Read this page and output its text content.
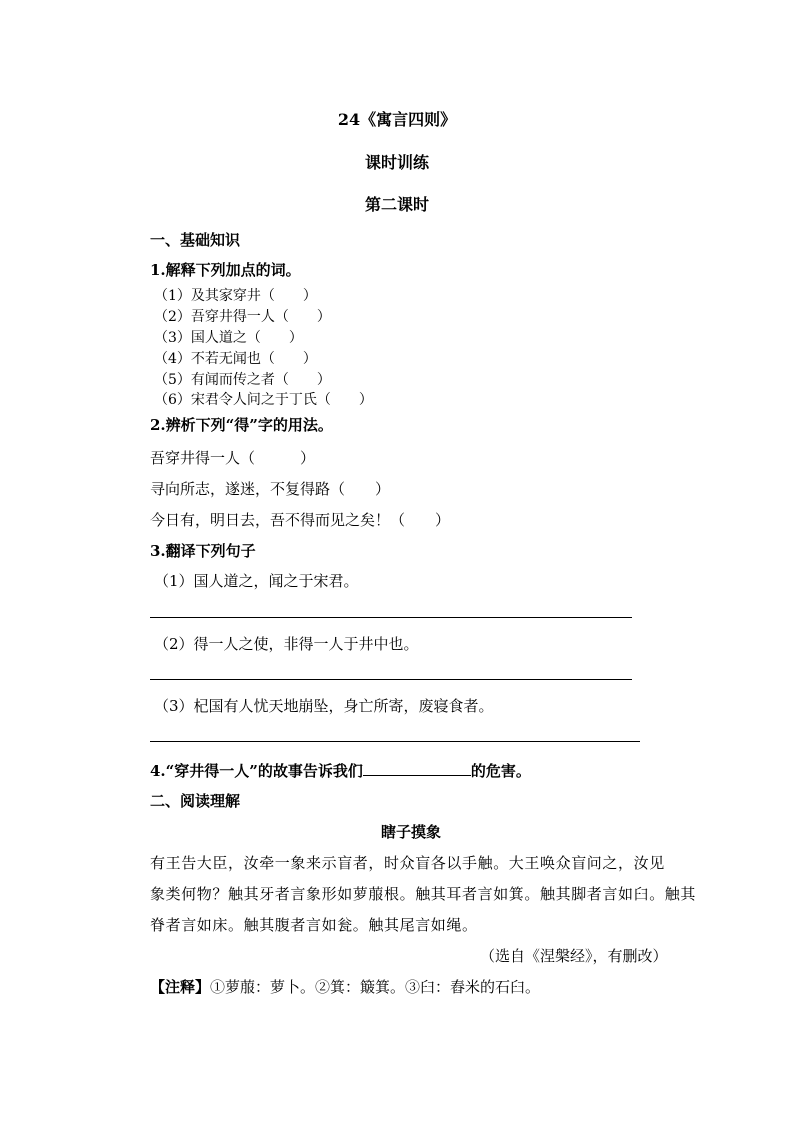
24《寓言四则》
课时训练
第二课时
一、基础知识
1.解释下列加点的词。
（1）及其家穿井（　　）
（2）吾穿井得一人（　　）
（3）国人道之（　　）
（4）不若无闻也（　　）
（5）有闻而传之者（　　）
（6）宋君令人问之于丁氏（　　）
2.辨析下列“得”字的用法。
吾穿井得一人（　　　）
寻向所志，遂迷，不复得路（　　）
今日有，明日去，吾不得而见之矣！（　　）
3.翻译下列句子
（1）国人道之，闻之于宋君。
（2）得一人之使，非得一人于井中也。
（3）杞国有人忧天地崩坠，身亡所寄，废寝食者。
4.“穿井得一人”的故事告诉我们	的危害。
二、阅读理解
瞎子摸象
有王告大臣，汝牵一象来示盲者，时众盲各以手触。大王唤众盲问之，汝见
象类何物？触其牙者言象形如萝菔根。触其耳者言如箕。触其脚者言如臼。触其
脊者言如床。触其腹者言如瓮。触其尾言如绳。
（选自《涅槃经》，有删改）
【注释】①萝菔：萝卜。②箕：簸箕。③臼：舂米的石臼。
